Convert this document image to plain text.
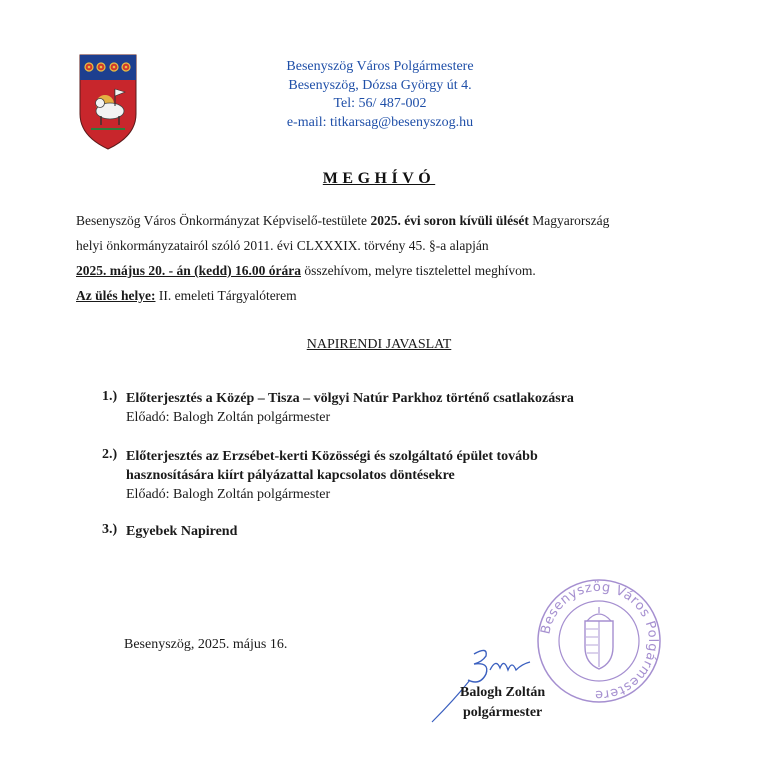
Besenyszög Város Polgármestere
Besenyszög, Dózsa György út 4.
Tel: 56/ 487-002
e-mail: titkarsag@besenyszog.hu
MEGHÍVÓ
Besenyszög Város Önkormányzat Képviselő-testülete 2025. évi soron kívüli ülését Magyarország
helyi önkormányzatairól szóló 2011. évi CLXXXIX. törvény 45. §-a alapján
2025. május 20. - án (kedd) 16.00 órára összehívom, melyre tisztelettel meghívom.
Az ülés helye: II. emeleti Tárgyalóterem
NAPIRENDI JAVASLAT
1.) Előterjesztés a Közép – Tisza – völgyi Natúr Parkhoz történő csatlakozásra
Előadó: Balogh Zoltán polgármester
2.) Előterjesztés az Erzsébet-kerti Közösségi és szolgáltató épület tovább
hasznosítására kiírt pályázattal kapcsolatos döntésekre
Előadó: Balogh Zoltán polgármester
3.) Egyebek Napirend
Besenyszög, 2025. május 16.
Besenyszög Város Polgármestere
Balogh Zoltán
polgármester
